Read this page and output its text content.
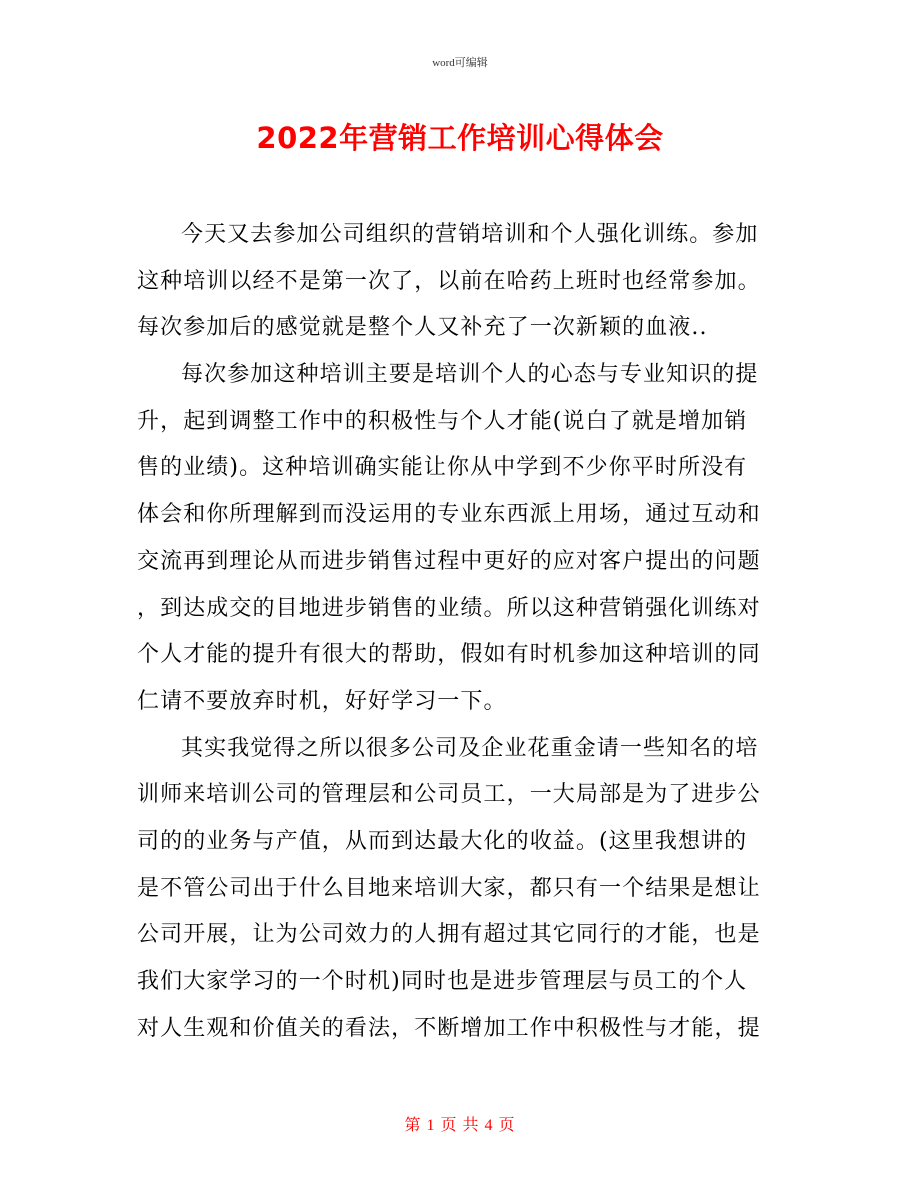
word可编辑
2022年营销工作培训心得体会
今天又去参加公司组织的营销培训和个人强化训练。参加
这种培训以经不是第一次了，以前在哈药上班时也经常参加。
每次参加后的感觉就是整个人又补充了一次新颖的血液..
每次参加这种培训主要是培训个人的心态与专业知识的提
升，起到调整工作中的积极性与个人才能(说白了就是增加销
售的业绩)。这种培训确实能让你从中学到不少你平时所没有
体会和你所理解到而没运用的专业东西派上用场，通过互动和
交流再到理论从而进步销售过程中更好的应对客户提出的问题
，到达成交的目地进步销售的业绩。所以这种营销强化训练对
个人才能的提升有很大的帮助，假如有时机参加这种培训的同
仁请不要放弃时机，好好学习一下。
其实我觉得之所以很多公司及企业花重金请一些知名的培
训师来培训公司的管理层和公司员工，一大局部是为了进步公
司的的业务与产值，从而到达最大化的收益。(这里我想讲的
是不管公司出于什么目地来培训大家，都只有一个结果是想让
公司开展，让为公司效力的人拥有超过其它同行的才能，也是
我们大家学习的一个时机)同时也是进步管理层与员工的个人
对人生观和价值关的看法，不断增加工作中积极性与才能，提
第 1 页 共 4 页
